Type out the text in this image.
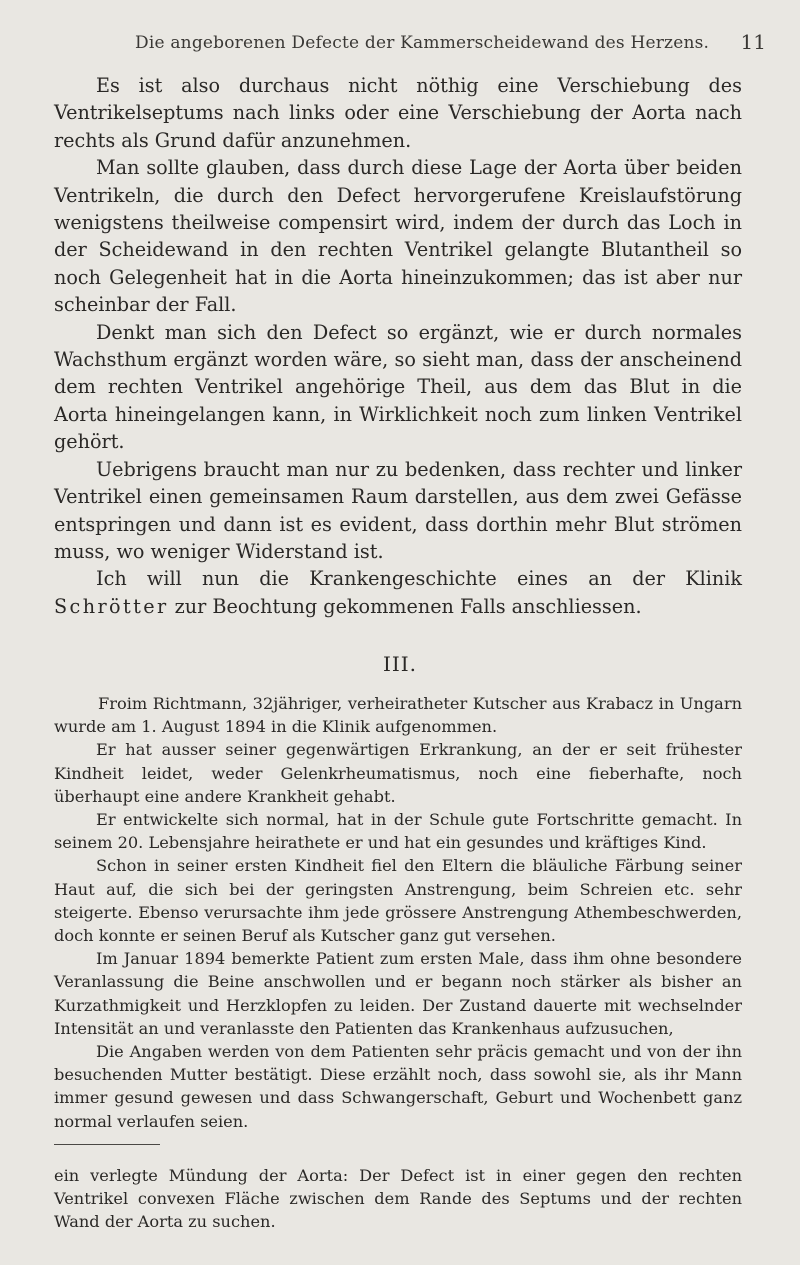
Die angeborenen Defecte der Kammerscheidewand des Herzens. 11

Es ist also durchaus nicht nöthig eine Verschiebung des Ventrikelseptums nach links oder eine Verschiebung der Aorta nach rechts als Grund dafür anzunehmen.

Man sollte glauben, dass durch diese Lage der Aorta über beiden Ventrikeln, die durch den Defect hervorgerufene Kreislaufstörung wenigstens theilweise compensirt wird, indem der durch das Loch in der Scheidewand in den rechten Ventrikel gelangte Blutantheil so noch Gelegenheit hat in die Aorta hineinzukommen; das ist aber nur scheinbar der Fall.

Denkt man sich den Defect so ergänzt, wie er durch normales Wachsthum ergänzt worden wäre, so sieht man, dass der anscheinend dem rechten Ventrikel angehörige Theil, aus dem das Blut in die Aorta hineingelangen kann, in Wirklichkeit noch zum linken Ventrikel gehört.

Uebrigens braucht man nur zu bedenken, dass rechter und linker Ventrikel einen gemeinsamen Raum darstellen, aus dem zwei Gefässe entspringen und dann ist es evident, dass dorthin mehr Blut strömen muss, wo weniger Widerstand ist.

Ich will nun die Krankengeschichte eines an der Klinik Schrötter zur Beochtung gekommenen Falls anschliessen.

III.

Froim Richtmann, 32jähriger, verheiratheter Kutscher aus Krabacz in Ungarn wurde am 1. August 1894 in die Klinik aufgenommen.

Er hat ausser seiner gegenwärtigen Erkrankung, an der er seit frühester Kindheit leidet, weder Gelenkrheumatismus, noch eine fieberhafte, noch überhaupt eine andere Krankheit gehabt.

Er entwickelte sich normal, hat in der Schule gute Fortschritte gemacht. In seinem 20. Lebensjahre heirathete er und hat ein gesundes und kräftiges Kind.

Schon in seiner ersten Kindheit fiel den Eltern die bläuliche Färbung seiner Haut auf, die sich bei der geringsten Anstrengung, beim Schreien etc. sehr steigerte. Ebenso verursachte ihm jede grössere Anstrengung Athembeschwerden, doch konnte er seinen Beruf als Kutscher ganz gut versehen.

Im Januar 1894 bemerkte Patient zum ersten Male, dass ihm ohne besondere Veranlassung die Beine anschwollen und er begann noch stärker als bisher an Kurzathmigkeit und Herzklopfen zu leiden. Der Zustand dauerte mit wechselnder Intensität an und veranlasste den Patienten das Krankenhaus aufzusuchen,

Die Angaben werden von dem Patienten sehr präcis gemacht und von der ihn besuchenden Mutter bestätigt. Diese erzählt noch, dass sowohl sie, als ihr Mann immer gesund gewesen und dass Schwangerschaft, Geburt und Wochenbett ganz normal verlaufen seien.

ein verlegte Mündung der Aorta: Der Defect ist in einer gegen den rechten Ventrikel convexen Fläche zwischen dem Rande des Septums und der rechten Wand der Aorta zu suchen.
